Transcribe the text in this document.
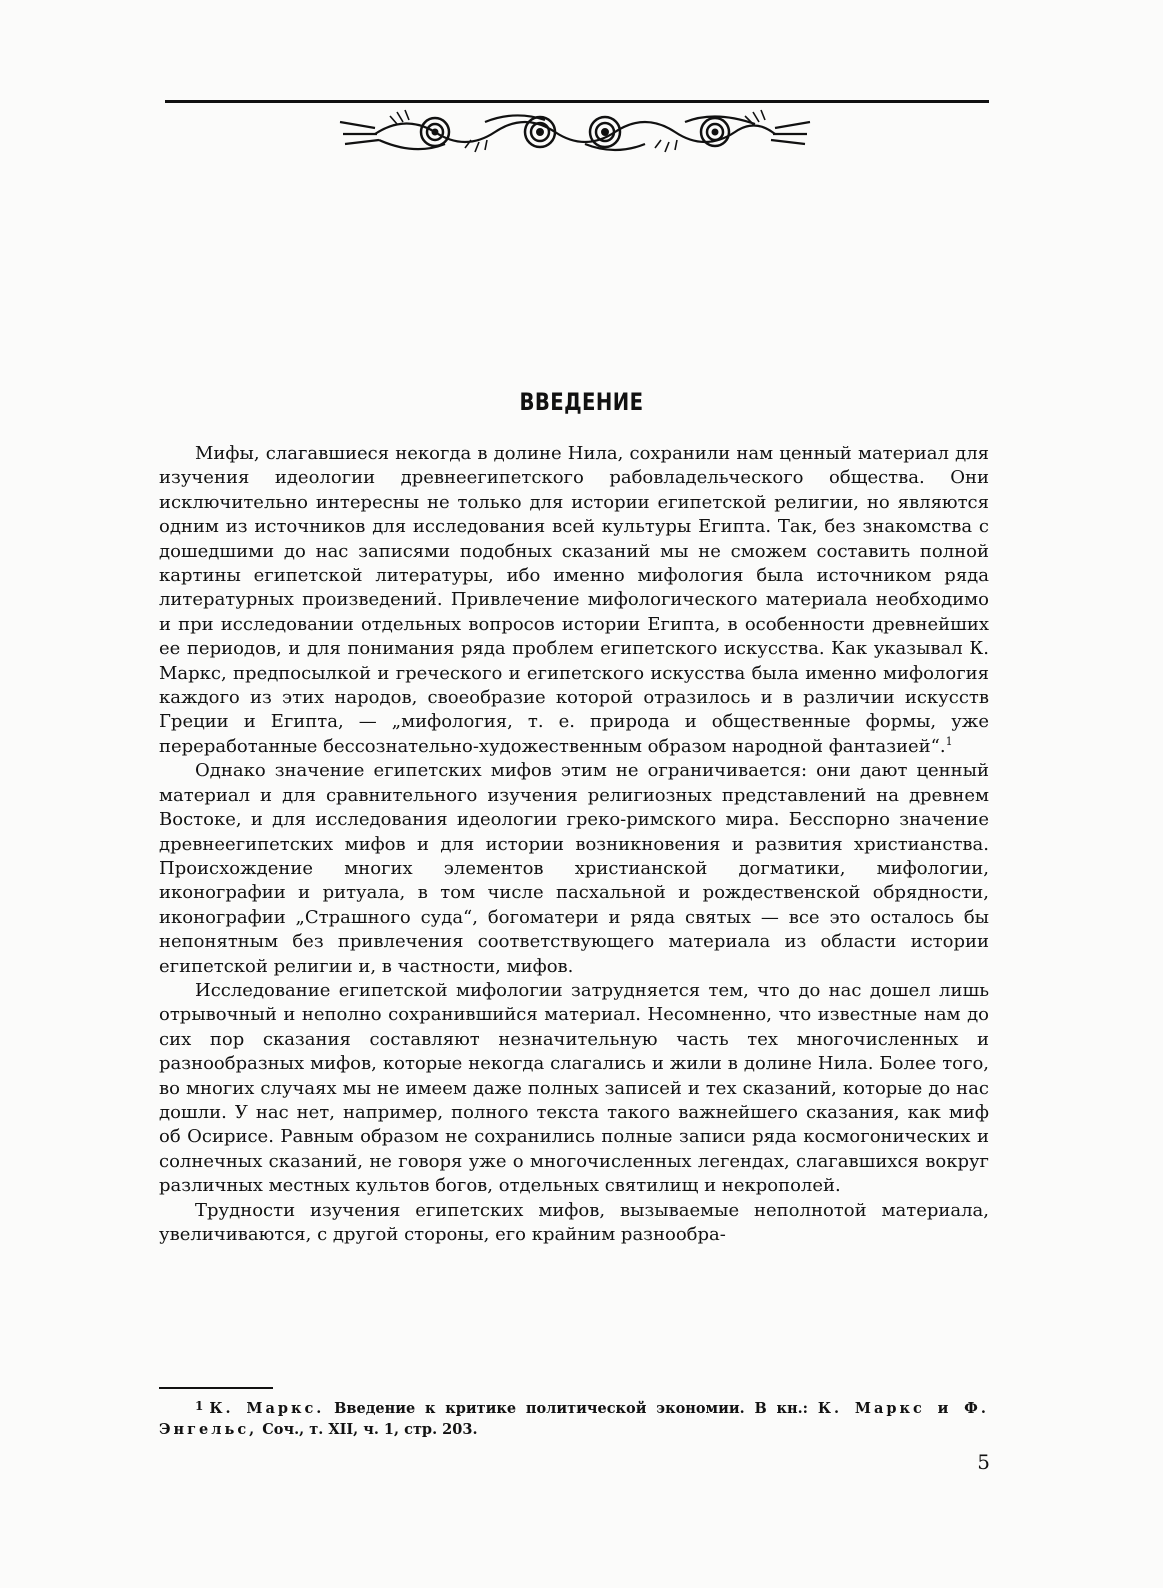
ВВЕДЕНИЕ

Мифы, слагавшиеся некогда в долине Нила, сохранили нам ценный материал для изучения идеологии древнеегипетского рабовладельческого общества. Они исключительно интересны не только для истории египетской религии, но являются одним из источников для исследования всей культуры Египта. Так, без знакомства с дошедшими до нас записями подобных сказаний мы не сможем составить полной картины египетской литературы, ибо именно мифология была источником ряда литературных произведений. Привлечение мифологического материала необходимо и при исследовании отдельных вопросов истории Египта, в особенности древнейших ее периодов, и для понимания ряда проблем египетского искусства. Как указывал К. Маркс, предпосылкой и греческого и египетского искусства была именно мифология каждого из этих народов, своеобразие которой отразилось и в различии искусств Греции и Египта, — „мифология, т. е. природа и общественные формы, уже переработанные бессознательно-художественным образом народной фантазией“.$^1$

Однако значение египетских мифов этим не ограничивается: они дают ценный материал и для сравнительного изучения религиозных представлений на древнем Востоке, и для исследования идеологии греко-римского мира. Бесспорно значение древнеегипетских мифов и для истории возникновения и развития христианства. Происхождение многих элементов христианской догматики, мифологии, иконографии и ритуала, в том числе пасхальной и рождественской обрядности, иконографии „Страшного суда“, богоматери и ряда святых — все это осталось бы непонятным без привлечения соответствующего материала из области истории египетской религии и, в частности, мифов.

Исследование египетской мифологии затрудняется тем, что до нас дошел лишь отрывочный и неполно сохранившийся материал. Несомненно, что известные нам до сих пор сказания составляют незначительную часть тех многочисленных и разнообразных мифов, которые некогда слагались и жили в долине Нила. Более того, во многих случаях мы не имеем даже полных записей и тех сказаний, которые до нас дошли. У нас нет, например, полного текста такого важнейшего сказания, как миф об Осирисе. Равным образом не сохранились полные записи ряда космогонических и солнечных сказаний, не говоря уже о многочисленных легендах, слагавшихся вокруг различных местных культов богов, отдельных святилищ и некрополей.

Трудности изучения египетских мифов, вызываемые неполнотой материала, увеличиваются, с другой стороны, его крайним разнообра-

$^1$ К. Маркс. Введение к критике политической экономии. В кн.: К. Маркс и Ф. Энгельс, Соч., т. XII, ч. 1, стр. 203.
5
